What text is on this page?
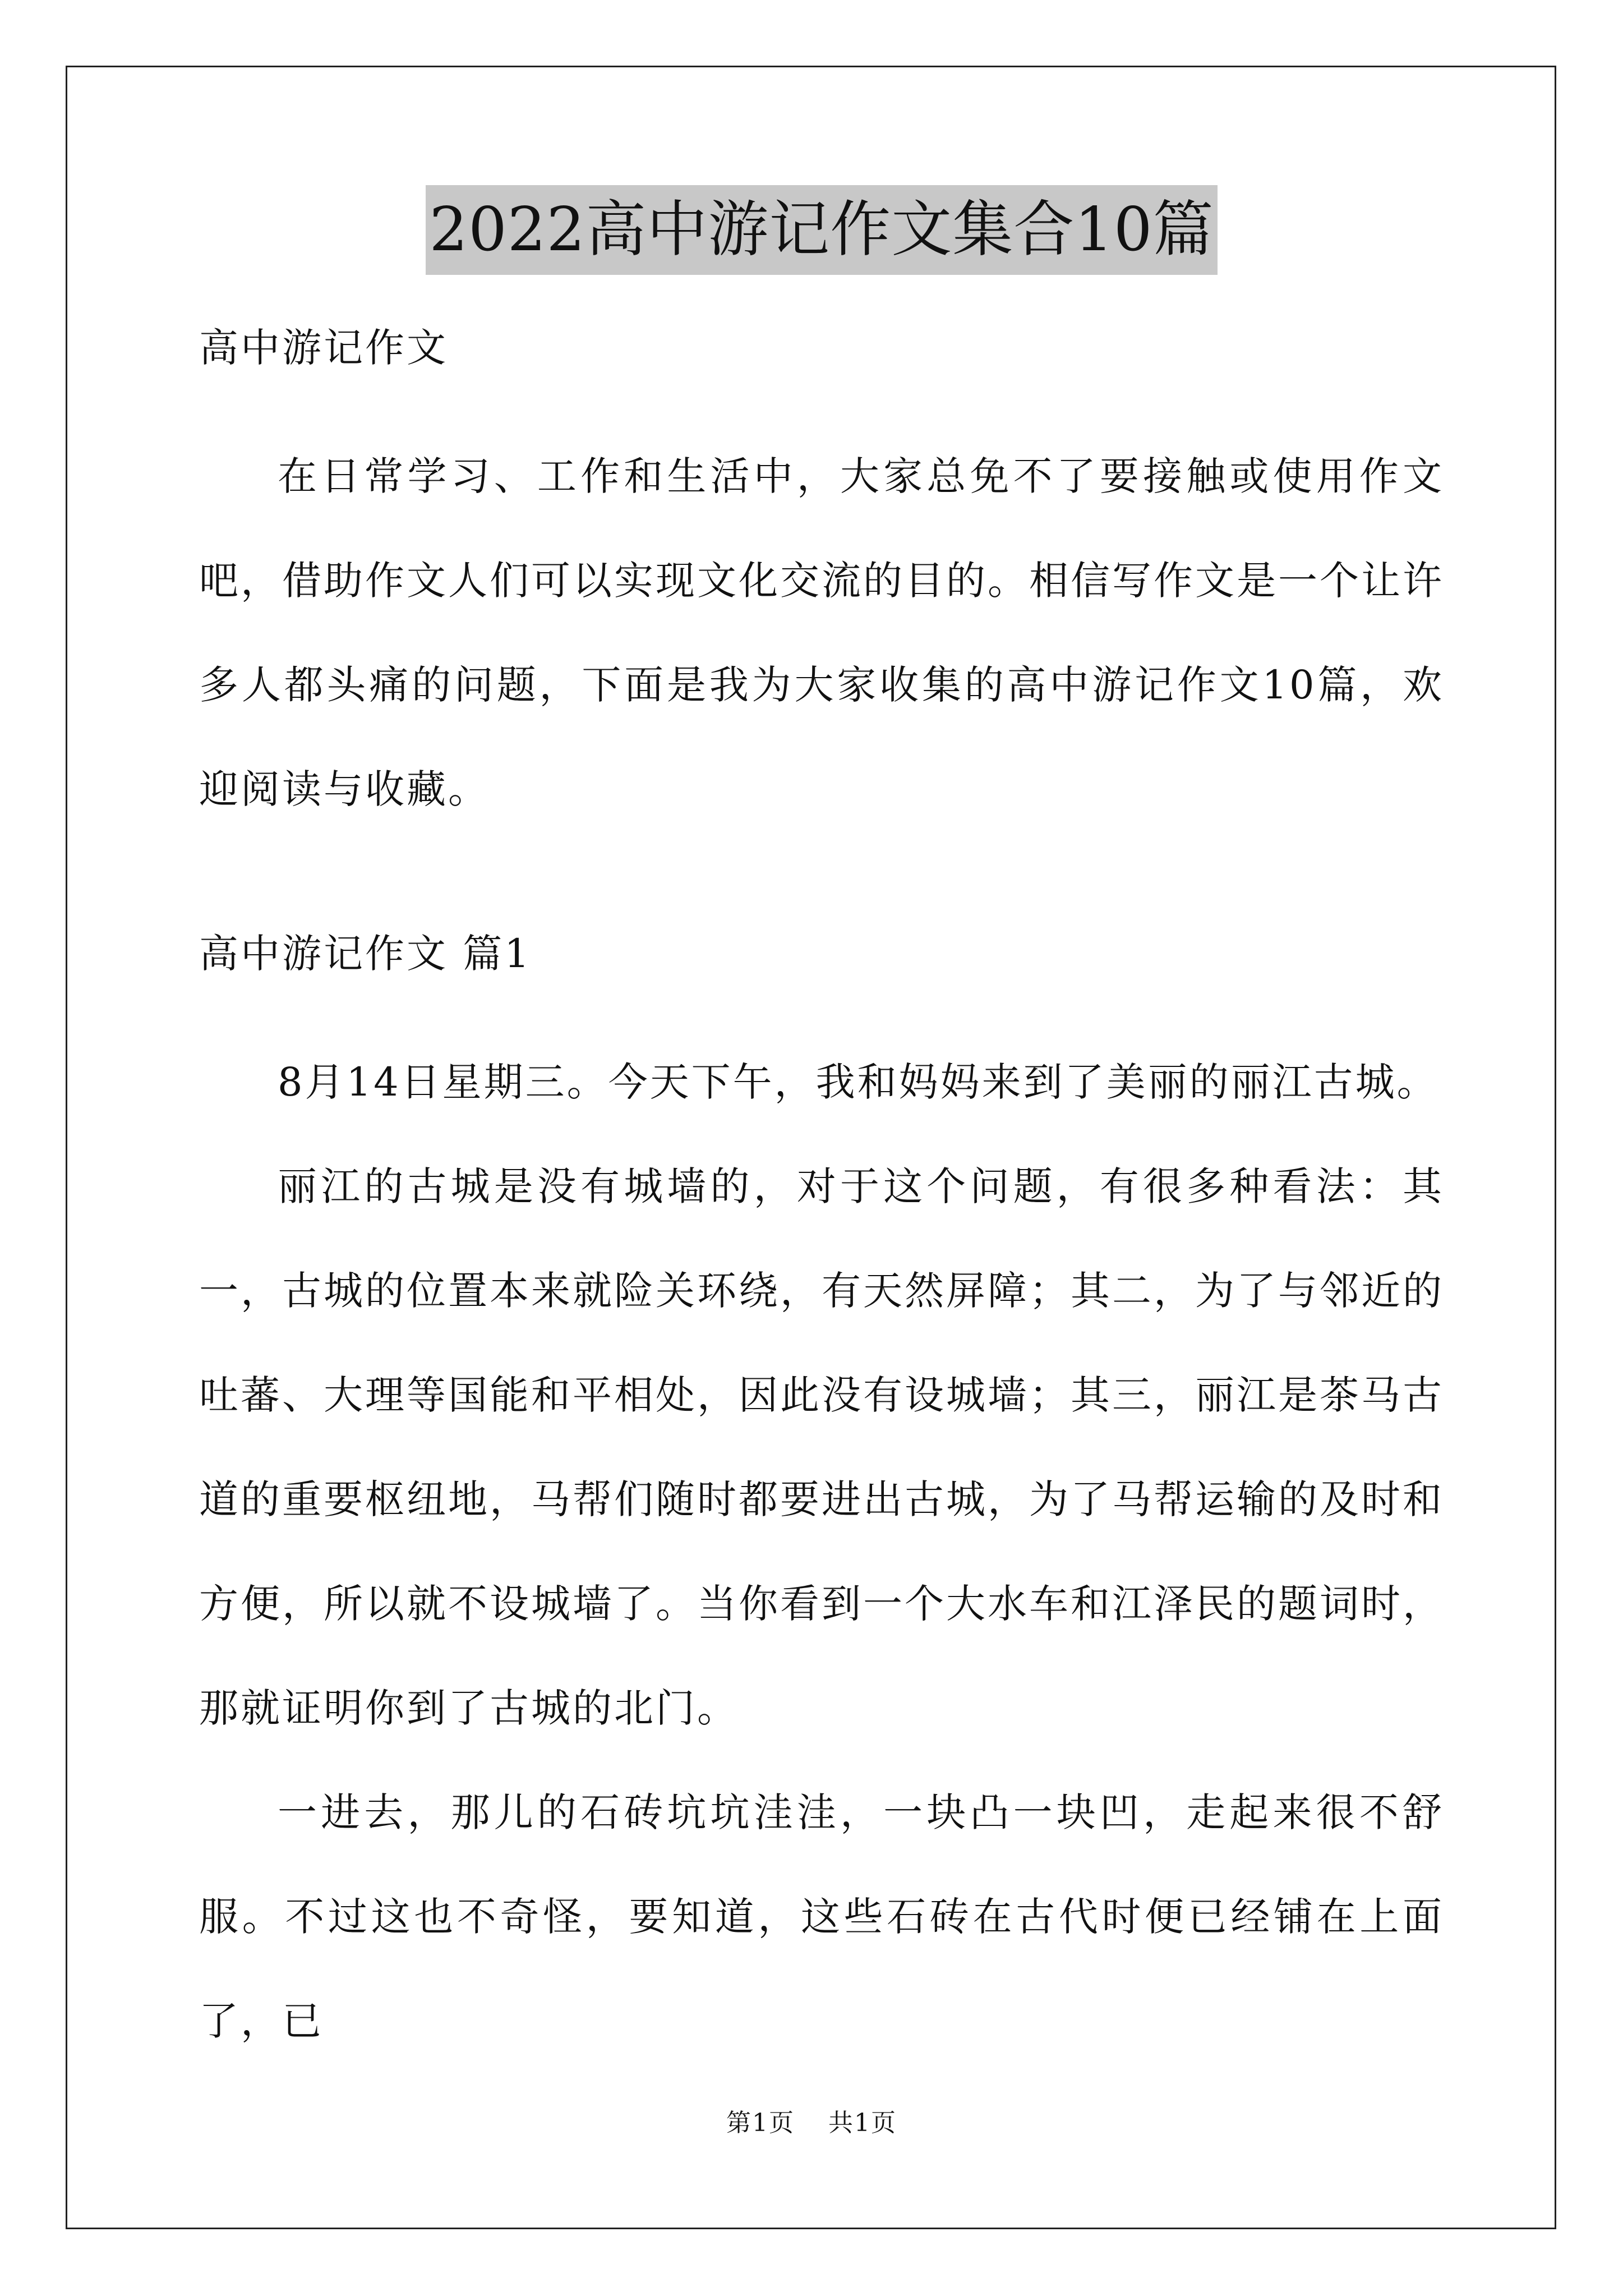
2022高中游记作文集合10篇

高中游记作文

在日常学习、工作和生活中，大家总免不了要接触或使用作文吧，借助作文人们可以实现文化交流的目的。相信写作文是一个让许多人都头痛的问题，下面是我为大家收集的高中游记作文10篇，欢迎阅读与收藏。

高中游记作文 篇1

8月14日星期三。今天下午，我和妈妈来到了美丽的丽江古城。

丽江的古城是没有城墙的，对于这个问题，有很多种看法：其一，古城的位置本来就险关环绕，有天然屏障；其二，为了与邻近的吐蕃、大理等国能和平相处，因此没有设城墙；其三，丽江是茶马古道的重要枢纽地，马帮们随时都要进出古城，为了马帮运输的及时和方便，所以就不设城墙了。当你看到一个大水车和江泽民的题词时，那就证明你到了古城的北门。

一进去，那儿的石砖坑坑洼洼，一块凸一块凹，走起来很不舒服。不过这也不奇怪，要知道，这些石砖在古代时便已经铺在上面了，已

第1页 共1页
